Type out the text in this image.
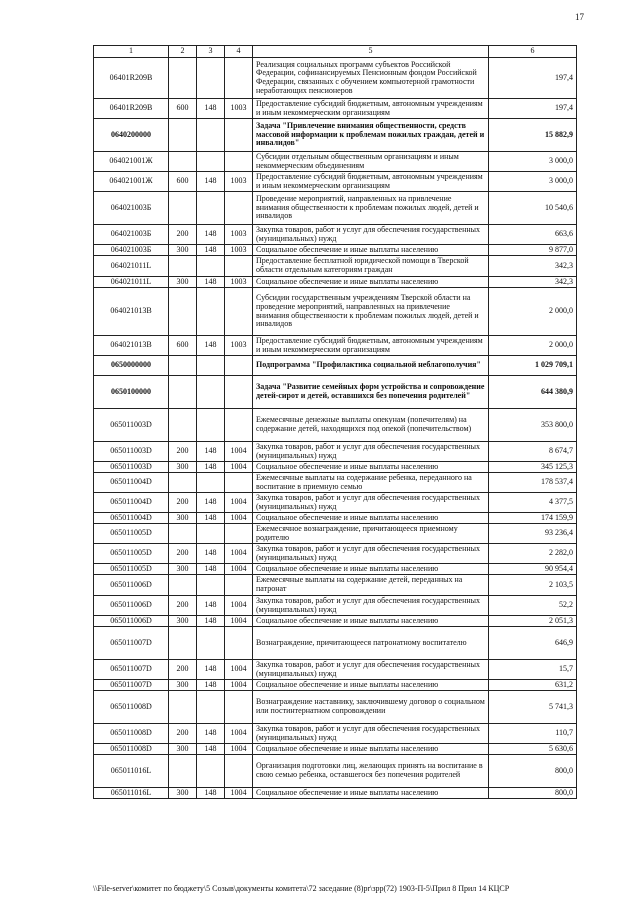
17
1	2	3	4	5	6
06401R209B				Реализация социальных программ субъектов Российской Федерации, софинансируемых Пенсионным фондом Российской Федерации, связанных с обучением компьютерной грамотности неработающих пенсионеров	197,4
06401R209B	600	148	1003	Предоставление субсидий бюджетным, автономным учреждениям и иным некоммерческим организациям	197,4
0640200000				Задача "Привлечение внимания общественности, средств массовой информации к проблемам пожилых граждан, детей и инвалидов"	15 882,9
064021001Ж				Субсидии отдельным общественным организациям и иным некоммерческим объединениям	3 000,0
064021001Ж	600	148	1003	Предоставление субсидий бюджетным, автономным учреждениям и иным некоммерческим организациям	3 000,0
064021003Б				Проведение мероприятий, направленных на привлечение внимания общественности к проблемам пожилых людей, детей и инвалидов	10 540,6
064021003Б	200	148	1003	Закупка товаров, работ и услуг для обеспечения государственных (муниципальных) нужд	663,6
064021003Б	300	148	1003	Социальное обеспечение и иные выплаты населению	9 877,0
064021011L				Предоставление бесплатной юридической помощи в Тверской области отдельным категориям граждан	342,3
064021011L	300	148	1003	Социальное обеспечение и иные выплаты населению	342,3
064021013В				Субсидии государственным учреждениям Тверской области на проведение мероприятий, направленных на привлечение внимания общественности к проблемам пожилых людей, детей и инвалидов	2 000,0
064021013В	600	148	1003	Предоставление субсидий бюджетным, автономным учреждениям и иным некоммерческим организациям	2 000,0
0650000000				Подпрограмма "Профилактика социальной неблагополучия"	1 029 709,1
0650100000				Задача "Развитие семейных форм устройства и сопровождение детей-сирот и детей, оставшихся без попечения родителей"	644 380,9
065011003D				Ежемесячные денежные выплаты опекунам (попечителям) на содержание детей, находящихся под опекой (попечительством)	353 800,0
065011003D	200	148	1004	Закупка товаров, работ и услуг для обеспечения государственных (муниципальных) нужд	8 674,7
065011003D	300	148	1004	Социальное обеспечение и иные выплаты населению	345 125,3
065011004D				Ежемесячные выплаты на содержание ребенка, переданного на воспитание в приемную семью	178 537,4
065011004D	200	148	1004	Закупка товаров, работ и услуг для обеспечения государственных (муниципальных) нужд	4 377,5
065011004D	300	148	1004	Социальное обеспечение и иные выплаты населению	174 159,9
065011005D				Ежемесячное вознаграждение, причитающееся приемному родителю	93 236,4
065011005D	200	148	1004	Закупка товаров, работ и услуг для обеспечения государственных (муниципальных) нужд	2 282,0
065011005D	300	148	1004	Социальное обеспечение и иные выплаты населению	90 954,4
065011006D				Ежемесячные выплаты на содержание детей, переданных на патронат	2 103,5
065011006D	200	148	1004	Закупка товаров, работ и услуг для обеспечения государственных (муниципальных) нужд	52,2
065011006D	300	148	1004	Социальное обеспечение и иные выплаты населению	2 051,3
065011007D				Вознаграждение, причитающееся патронатному воспитателю	646,9
065011007D	200	148	1004	Закупка товаров, работ и услуг для обеспечения государственных (муниципальных) нужд	15,7
065011007D	300	148	1004	Социальное обеспечение и иные выплаты населению	631,2
065011008D				Вознаграждение наставнику, заключившему договор о социальном или постинтернатном сопровождении	5 741,3
065011008D	200	148	1004	Закупка товаров, работ и услуг для обеспечения государственных (муниципальных) нужд	110,7
065011008D	300	148	1004	Социальное обеспечение и иные выплаты населению	5 630,6
065011016L				Организация подготовки лиц, желающих принять на воспитание в свою семью ребенка, оставшегося без попечения родителей	800,0
065011016L	300	148	1004	Социальное обеспечение и иные выплаты населению	800,0
\\File-server\комитет по бюджету\5 Созыв\документы комитета\72 заседание (8)pr\зрр(72) 1903-П-5\Прил 8 Прил 14 КЦСР
